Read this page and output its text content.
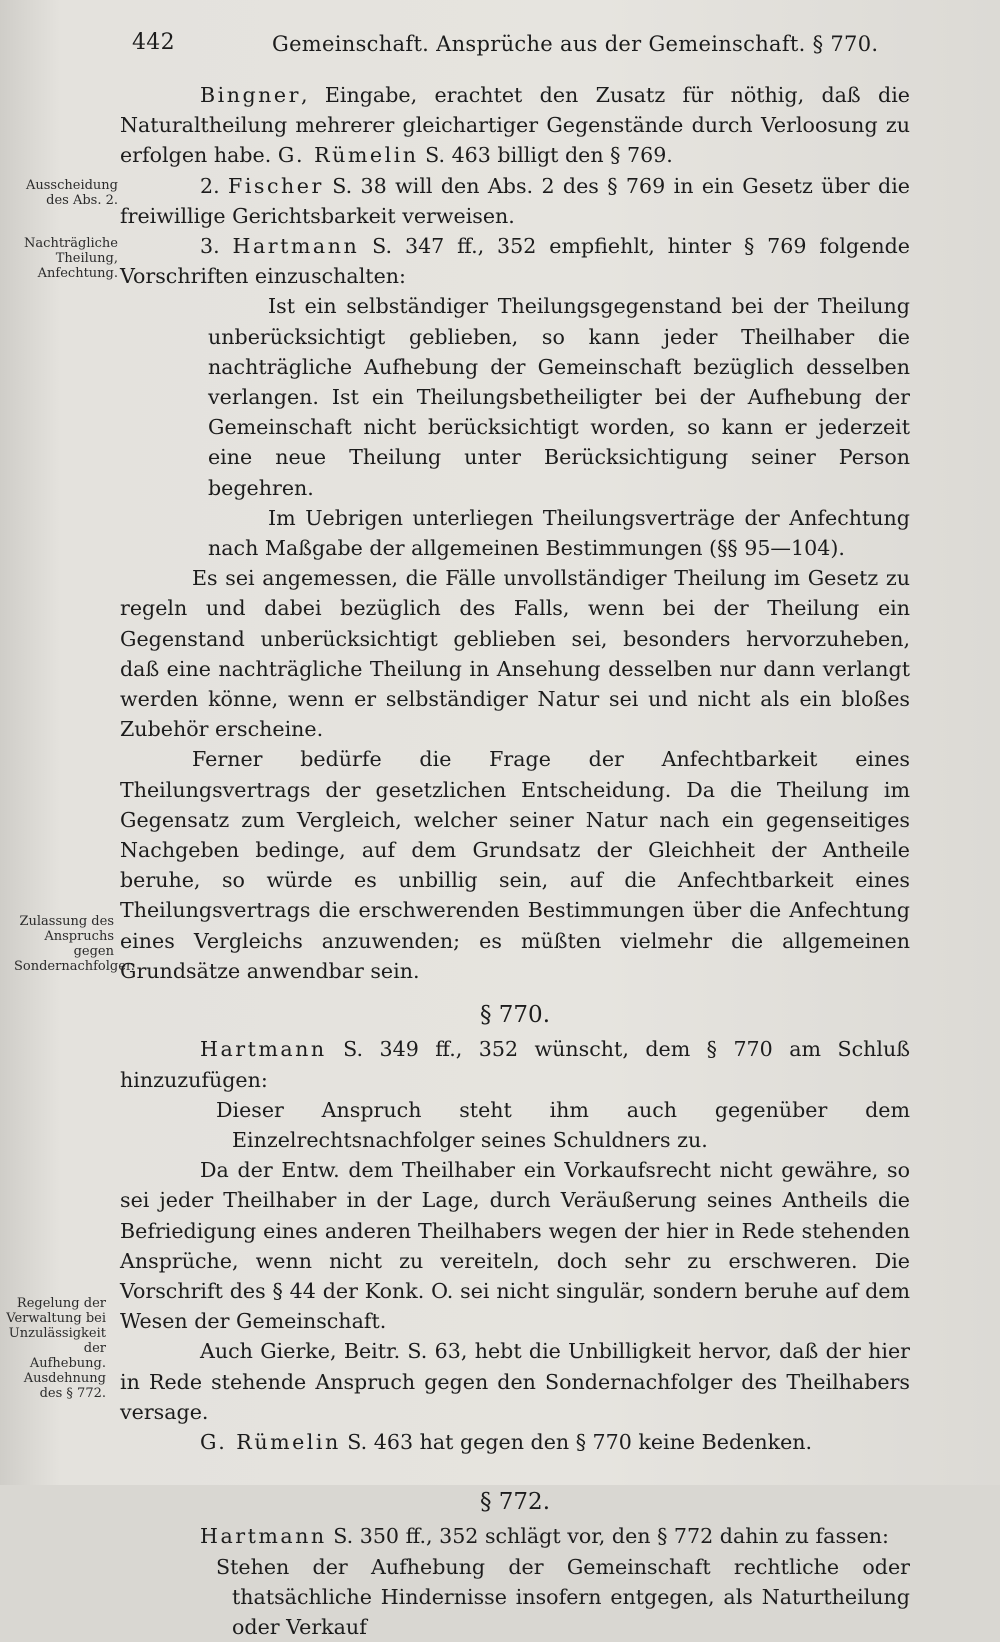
442	Gemeinschaft. Ansprüche aus der Gemeinschaft. § 770.
Ausscheidung des Abs. 2.
Nachträgliche Theilung, Anfechtung.
Zulassung des Anspruchs gegen Sondernachfolger.
Regelung der Verwaltung bei Unzulässigkeit der Aufhebung. Ausdehnung des § 772.

Bingner, Eingabe, erachtet den Zusatz für nöthig, daß die Naturaltheilung mehrerer gleichartiger Gegenstände durch Verloosung zu erfolgen habe. G. Rümelin S. 463 billigt den § 769.

2. Fischer S. 38 will den Abs. 2 des § 769 in ein Gesetz über die freiwillige Gerichtsbarkeit verweisen.

3. Hartmann S. 347 ff., 352 empfiehlt, hinter § 769 folgende Vorschriften einzuschalten:

Ist ein selbständiger Theilungsgegenstand bei der Theilung unberücksichtigt geblieben, so kann jeder Theilhaber die nachträgliche Aufhebung der Gemeinschaft bezüglich desselben verlangen. Ist ein Theilungsbetheiligter bei der Aufhebung der Gemeinschaft nicht berücksichtigt worden, so kann er jederzeit eine neue Theilung unter Berücksichtigung seiner Person begehren.

Im Uebrigen unterliegen Theilungsverträge der Anfechtung nach Maßgabe der allgemeinen Bestimmungen (§§ 95—104).

Es sei angemessen, die Fälle unvollständiger Theilung im Gesetz zu regeln und dabei bezüglich des Falls, wenn bei der Theilung ein Gegenstand unberücksichtigt geblieben sei, besonders hervorzuheben, daß eine nachträgliche Theilung in Ansehung desselben nur dann verlangt werden könne, wenn er selbständiger Natur sei und nicht als ein bloßes Zubehör erscheine.

Ferner bedürfe die Frage der Anfechtbarkeit eines Theilungsvertrags der gesetzlichen Entscheidung. Da die Theilung im Gegensatz zum Vergleich, welcher seiner Natur nach ein gegenseitiges Nachgeben bedinge, auf dem Grundsatz der Gleichheit der Antheile beruhe, so würde es unbillig sein, auf die Anfechtbarkeit eines Theilungsvertrags die erschwerenden Bestimmungen über die Anfechtung eines Vergleichs anzuwenden; es müßten vielmehr die allgemeinen Grundsätze anwendbar sein.

§ 770.

Hartmann S. 349 ff., 352 wünscht, dem § 770 am Schluß hinzuzufügen:

Dieser Anspruch steht ihm auch gegenüber dem Einzelrechtsnachfolger seines Schuldners zu.

Da der Entw. dem Theilhaber ein Vorkaufsrecht nicht gewähre, so sei jeder Theilhaber in der Lage, durch Veräußerung seines Antheils die Befriedigung eines anderen Theilhabers wegen der hier in Rede stehenden Ansprüche, wenn nicht zu vereiteln, doch sehr zu erschweren. Die Vorschrift des § 44 der Konk. O. sei nicht singulär, sondern beruhe auf dem Wesen der Gemeinschaft.

Auch Gierke, Beitr. S. 63, hebt die Unbilligkeit hervor, daß der hier in Rede stehende Anspruch gegen den Sondernachfolger des Theilhabers versage.

G. Rümelin S. 463 hat gegen den § 770 keine Bedenken.

§ 772.

Hartmann S. 350 ff., 352 schlägt vor, den § 772 dahin zu fassen:

Stehen der Aufhebung der Gemeinschaft rechtliche oder thatsächliche Hindernisse insofern entgegen, als Naturtheilung oder Verkauf
